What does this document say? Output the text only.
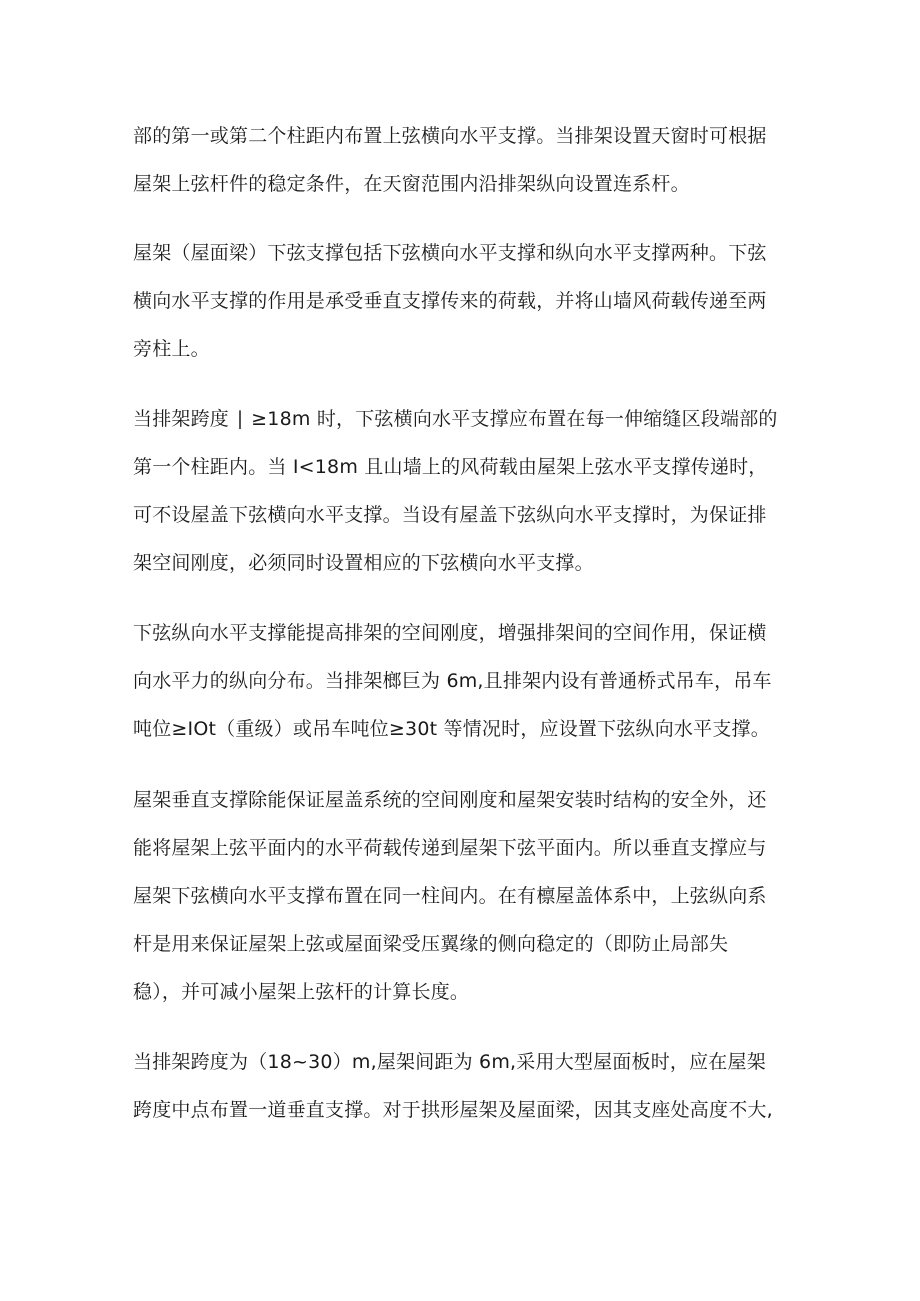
部的第一或第二个柱距内布置上弦横向水平支撑。当排架设置天窗时可根据
屋架上弦杆件的稳定条件，在天窗范围内沿排架纵向设置连系杆。
屋架（屋面梁）下弦支撑包括下弦横向水平支撑和纵向水平支撑两种。下弦
横向水平支撑的作用是承受垂直支撑传来的荷载，并将山墙风荷载传递至两
旁柱上。
当排架跨度 ∣ ≥18m 时，下弦横向水平支撑应布置在每一伸缩缝区段端部的
第一个柱距内。当 I<18m 且山墙上的风荷载由屋架上弦水平支撑传递时，
可不设屋盖下弦横向水平支撑。当设有屋盖下弦纵向水平支撑时，为保证排
架空间刚度，必须同时设置相应的下弦横向水平支撑。
下弦纵向水平支撑能提高排架的空间刚度，增强排架间的空间作用，保证横
向水平力的纵向分布。当排架榔巨为 6m,且排架内设有普通桥式吊车，吊车
吨位≥IOt（重级）或吊车吨位≥30t 等情况时，应设置下弦纵向水平支撑。
屋架垂直支撑除能保证屋盖系统的空间刚度和屋架安装时结构的安全外，还
能将屋架上弦平面内的水平荷载传递到屋架下弦平面内。所以垂直支撑应与
屋架下弦横向水平支撑布置在同一柱间内。在有檩屋盖体系中，上弦纵向系
杆是用来保证屋架上弦或屋面梁受压翼缘的侧向稳定的（即防止局部失
稳），并可减小屋架上弦杆的计算长度。
当排架跨度为（18~30）m,屋架间距为 6m,采用大型屋面板时，应在屋架
跨度中点布置一道垂直支撑。对于拱形屋架及屋面梁，因其支座处高度不大,
